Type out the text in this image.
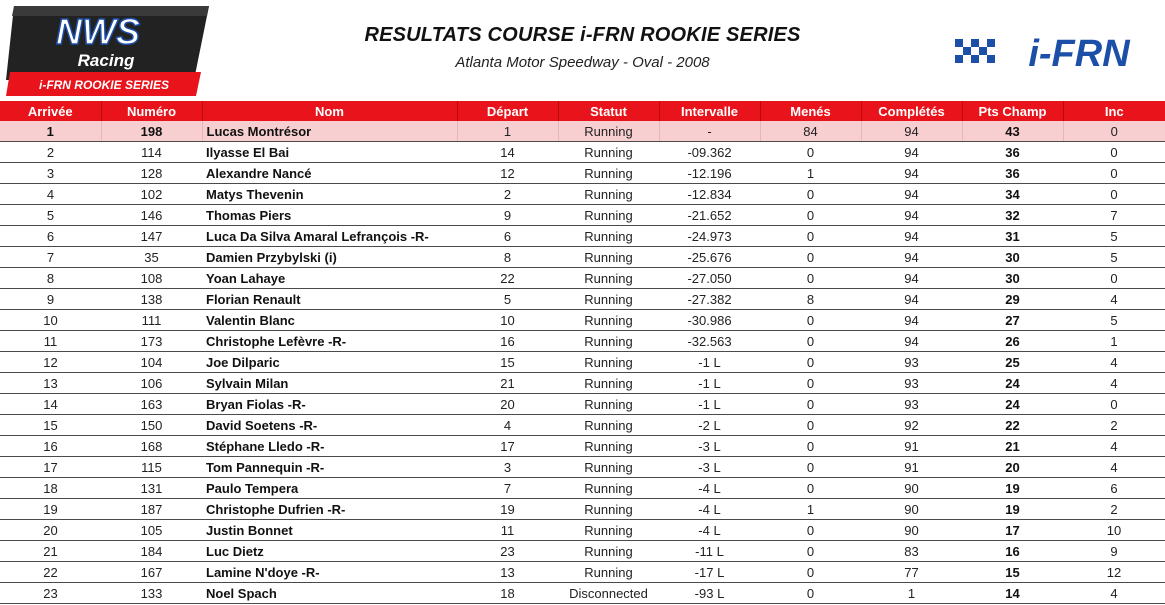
NWS
Racing
i-FRN ROOKIE SERIES
RESULTATS COURSE i-FRN ROOKIE SERIES
Atlanta Motor Speedway - Oval - 2008	i-FRN
Arrivée	Numéro	Nom	Départ	Statut	Intervalle	Menés	Complétés	Pts Champ	Inc
1	198	Lucas Montrésor	1	Running	-	84	94	43	0
2	114	Ilyasse El Bai	14	Running	-09.362	0	94	36	0
3	128	Alexandre Nancé	12	Running	-12.196	1	94	36	0
4	102	Matys Thevenin	2	Running	-12.834	0	94	34	0
5	146	Thomas Piers	9	Running	-21.652	0	94	32	7
6	147	Luca Da Silva Amaral Lefrançois -R-	6	Running	-24.973	0	94	31	5
7	35	Damien Przybylski (i)	8	Running	-25.676	0	94	30	5
8	108	Yoan Lahaye	22	Running	-27.050	0	94	30	0
9	138	Florian Renault	5	Running	-27.382	8	94	29	4
10	111	Valentin Blanc	10	Running	-30.986	0	94	27	5
11	173	Christophe Lefèvre -R-	16	Running	-32.563	0	94	26	1
12	104	Joe Dilparic	15	Running	-1 L	0	93	25	4
13	106	Sylvain Milan	21	Running	-1 L	0	93	24	4
14	163	Bryan Fiolas -R-	20	Running	-1 L	0	93	24	0
15	150	David Soetens -R-	4	Running	-2 L	0	92	22	2
16	168	Stéphane Lledo -R-	17	Running	-3 L	0	91	21	4
17	115	Tom Pannequin -R-	3	Running	-3 L	0	91	20	4
18	131	Paulo Tempera	7	Running	-4 L	0	90	19	6
19	187	Christophe Dufrien -R-	19	Running	-4 L	1	90	19	2
20	105	Justin Bonnet	11	Running	-4 L	0	90	17	10
21	184	Luc Dietz	23	Running	-11 L	0	83	16	9
22	167	Lamine N'doye -R-	13	Running	-17 L	0	77	15	12
23	133	Noel Spach	18	Disconnected	-93 L	0	1	14	4
